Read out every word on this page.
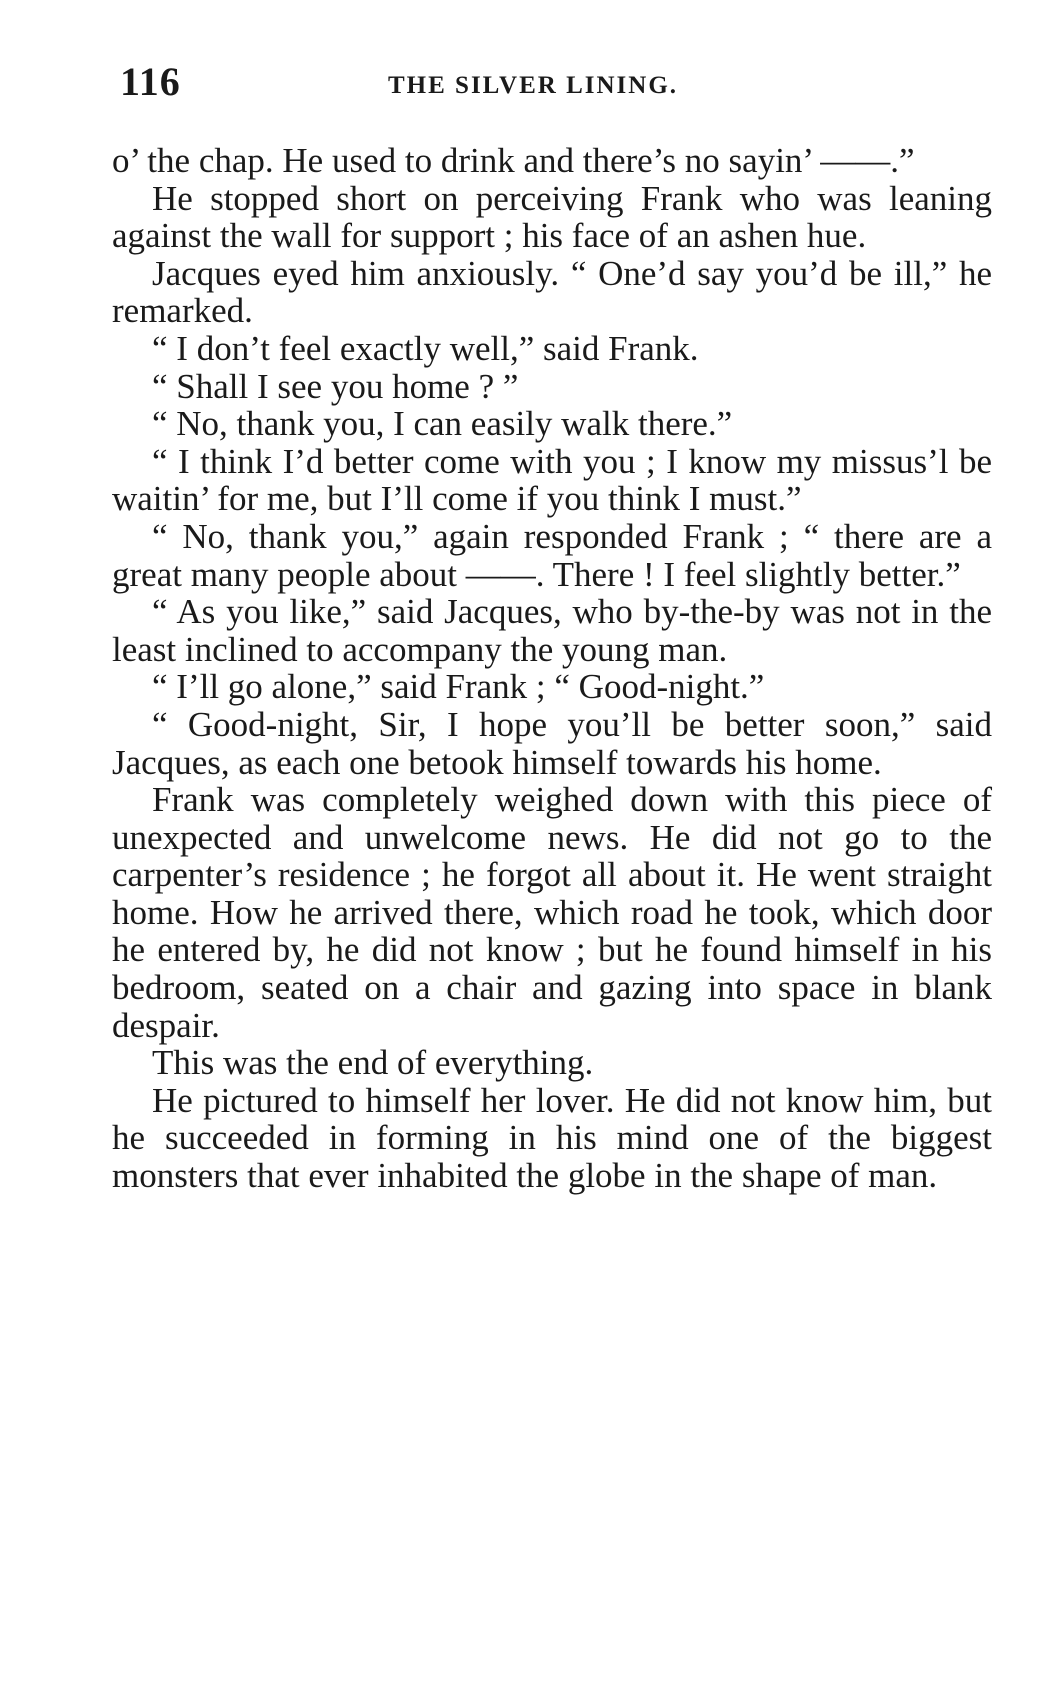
116	THE SILVER LINING.

o’ the chap. He used to drink and there’s no sayin’ ——.”

He stopped short on perceiving Frank who was leaning against the wall for support ; his face of an ashen hue.

Jacques eyed him anxiously. “ One’d say you’d be ill,” he remarked.

“ I don’t feel exactly well,” said Frank.

“ Shall I see you home ? ”

“ No, thank you, I can easily walk there.”

“ I think I’d better come with you ; I know my missus’l be waitin’ for me, but I’ll come if you think I must.”

“ No, thank you,” again responded Frank ; “ there are a great many people about ——. There ! I feel slightly better.”

“ As you like,” said Jacques, who by-the-by was not in the least inclined to accompany the young man.

“ I’ll go alone,” said Frank ; “ Good-night.”

“ Good-night, Sir, I hope you’ll be better soon,” said Jacques, as each one betook himself towards his home.

Frank was completely weighed down with this piece of unexpected and unwelcome news. He did not go to the carpenter’s residence ; he forgot all about it. He went straight home. How he arrived there, which road he took, which door he entered by, he did not know ; but he found himself in his bedroom, seated on a chair and gazing into space in blank despair.

This was the end of everything.

He pictured to himself her lover. He did not know him, but he succeeded in forming in his mind one of the biggest monsters that ever inhabited the globe in the shape of man.
